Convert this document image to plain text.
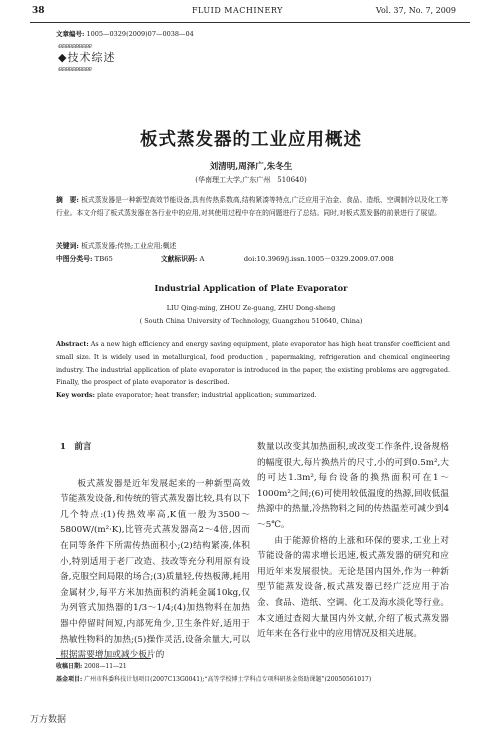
38	FLUID MACHINERY	Vol. 37, No. 7, 2009
文章编号: 1005—0329(2009)07—0038—04
ⅇⅇⅇⅇⅇⅇⅇⅇⅇⅇ
◆技术综述
ⅇⅇⅇⅇⅇⅇⅇⅇⅇⅇ
板式蒸发器的工业应用概述
刘清明,周泽广,朱冬生
(华南理工大学,广东广州　510640)
摘　要: 板式蒸发器是一种新型高效节能设备,具有传热系数高,结构紧凑等特点,广泛应用于冶金、食品、造纸、空调制冷以及化工等行业。本文介绍了板式蒸发器在各行业中的应用,对其使用过程中存在的问题进行了总结。同时,对板式蒸发器的前景进行了展望。
关键词: 板式蒸发器;传热;工业应用;概述
中图分类号: TB65	文献标识码: A	doi:10.3969/j.issn.1005－0329.2009.07.008
Industrial Application of Plate Evaporator
LIU Qing-ming, ZHOU Ze-guang, ZHU Dong-sheng
( South China University of Technology, Guangzhou 510640, China)
Abstract: As a new high efficiency and energy saving equipment, plate evaporator has high heat transfer coefficient and small size. It is widely used in metallurgical, food production , papermaking, refrigeration and chemical engineering industry. The industrial application of plate evaporator is introduced in the paper, the existing problems are aggregated. Finally, the prospect of plate evaporator is described.
Key words: plate evaporator; heat transfer; industrial application; summarized.
1　前言

板式蒸发器是近年发展起来的一种新型高效节能蒸发设备,和传统的管式蒸发器比较,具有以下几个特点:(1)传热效率高,K值一般为3500～5800W/(m²·K),比管壳式蒸发器高2～4倍,因而在同等条件下所需传热面积小;(2)结构紧凑,体积小,特别适用于老厂改造、技改等充分利用原有设备,克服空间局限的场合;(3)质量轻,传热板薄,耗用金属材少,每平方米加热面积约消耗金属10kg,仅为列管式加热器的1/3～1/4;(4)加热物料在加热器中停留时间短,内部死角少,卫生条件好,适用于热敏性物料的加热;(5)操作灵活,设备余量大,可以根据需要增加或减少板片的

数量以改变其加热面积,或改变工作条件,设备规格的幅度很大,每片换热片的尺寸,小的可到0.5m²,大的可达1.3m²,每台设备的换热面积可在1～1000m²之间;(6)可使用较低温度的热源,回收低温热源中的热量,冷热物料之间的传热温差可减少到4～5℃。

由于能源价格的上涨和环保的要求,工业上对节能设备的需求增长迅速,板式蒸发器的研究和应用近年来发展很快。无论是国内国外,作为一种新型节能蒸发设备,板式蒸发器已经广泛应用于冶金、食品、造纸、空调、化工及海水淡化等行业。本文通过查阅大量国内外文献,介绍了板式蒸发器近年来在各行业中的应用情况及相关进展。

收稿日期: 2008—11—21
基金项目: 广州市科委科技计划项目(2007C13G0041);“高等学校博士学科点专项科研基金资助课题”(20050561017)
万方数据
